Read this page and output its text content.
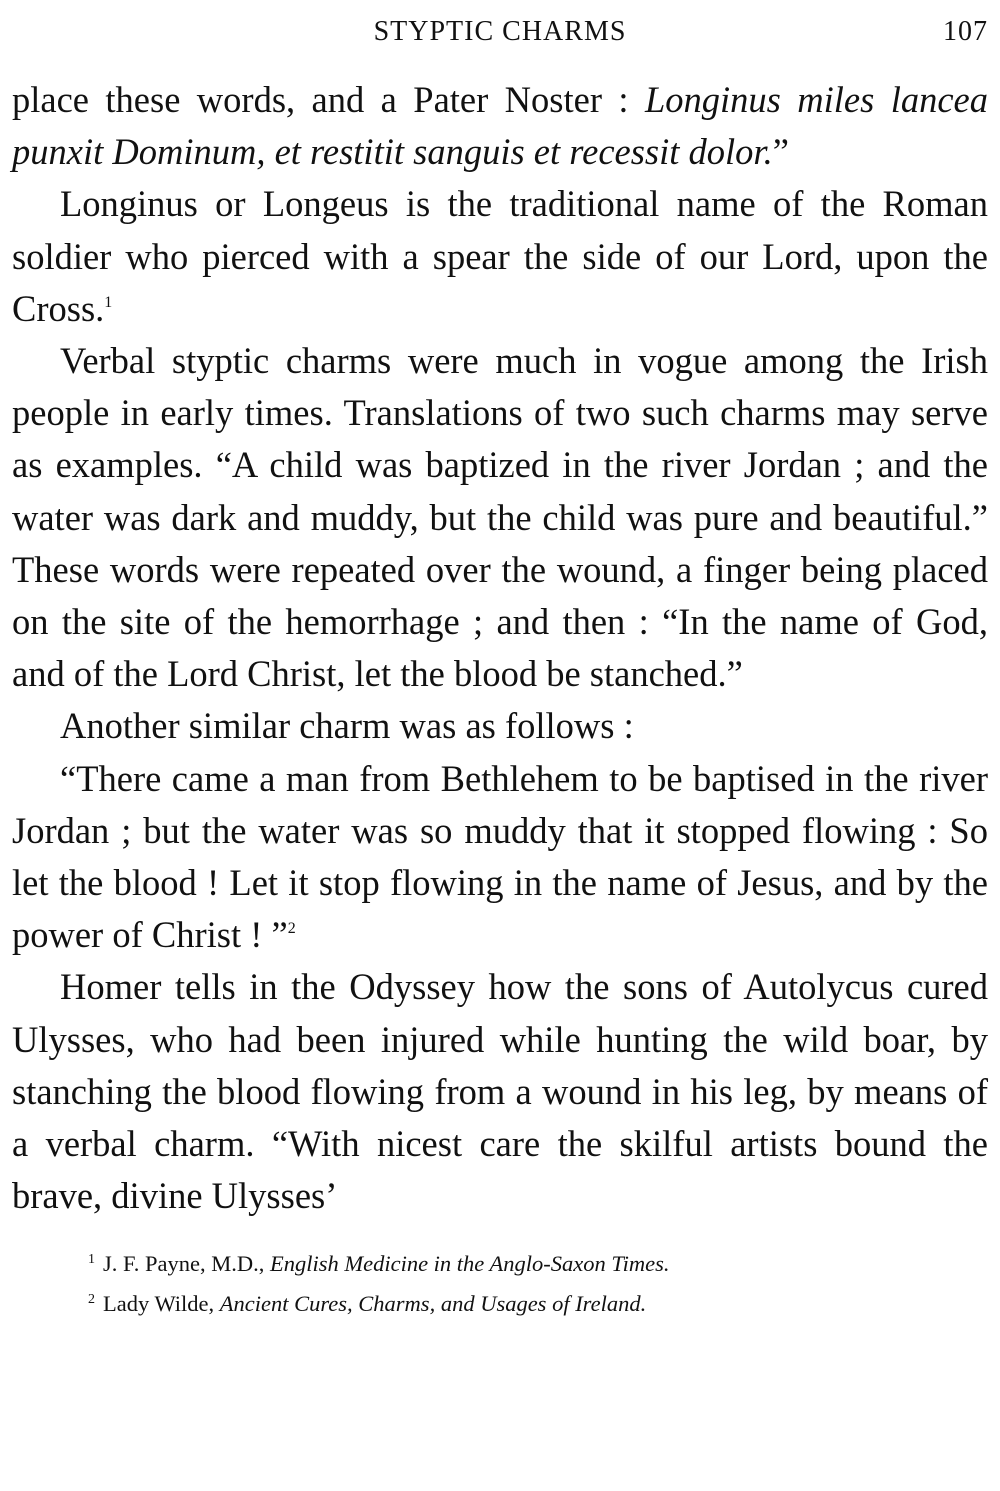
STYPTIC CHARMS	107

place these words, and a Pater Noster : Longinus miles lancea punxit Dominum, et restitit sanguis et recessit dolor.”

Longinus or Longeus is the traditional name of the Roman soldier who pierced with a spear the side of our Lord, upon the Cross.$^1$

Verbal styptic charms were much in vogue among the Irish people in early times. Translations of two such charms may serve as examples. “A child was baptized in the river Jordan ; and the water was dark and muddy, but the child was pure and beautiful.” These words were repeated over the wound, a finger being placed on the site of the hemorrhage ; and then : “In the name of God, and of the Lord Christ, let the blood be stanched.”

Another similar charm was as follows :

“There came a man from Bethlehem to be baptised in the river Jordan ; but the water was so muddy that it stopped flowing : So let the blood ! Let it stop flowing in the name of Jesus, and by the power of Christ ! ”$^2$

Homer tells in the Odyssey how the sons of Autolycus cured Ulysses, who had been injured while hunting the wild boar, by stanching the blood flowing from a wound in his leg, by means of a verbal charm. “With nicest care the skilful artists bound the brave, divine Ulysses’

$^1$ J. F. Payne, M.D., English Medicine in the Anglo-Saxon Times.
$^2$ Lady Wilde, Ancient Cures, Charms, and Usages of Ireland.
